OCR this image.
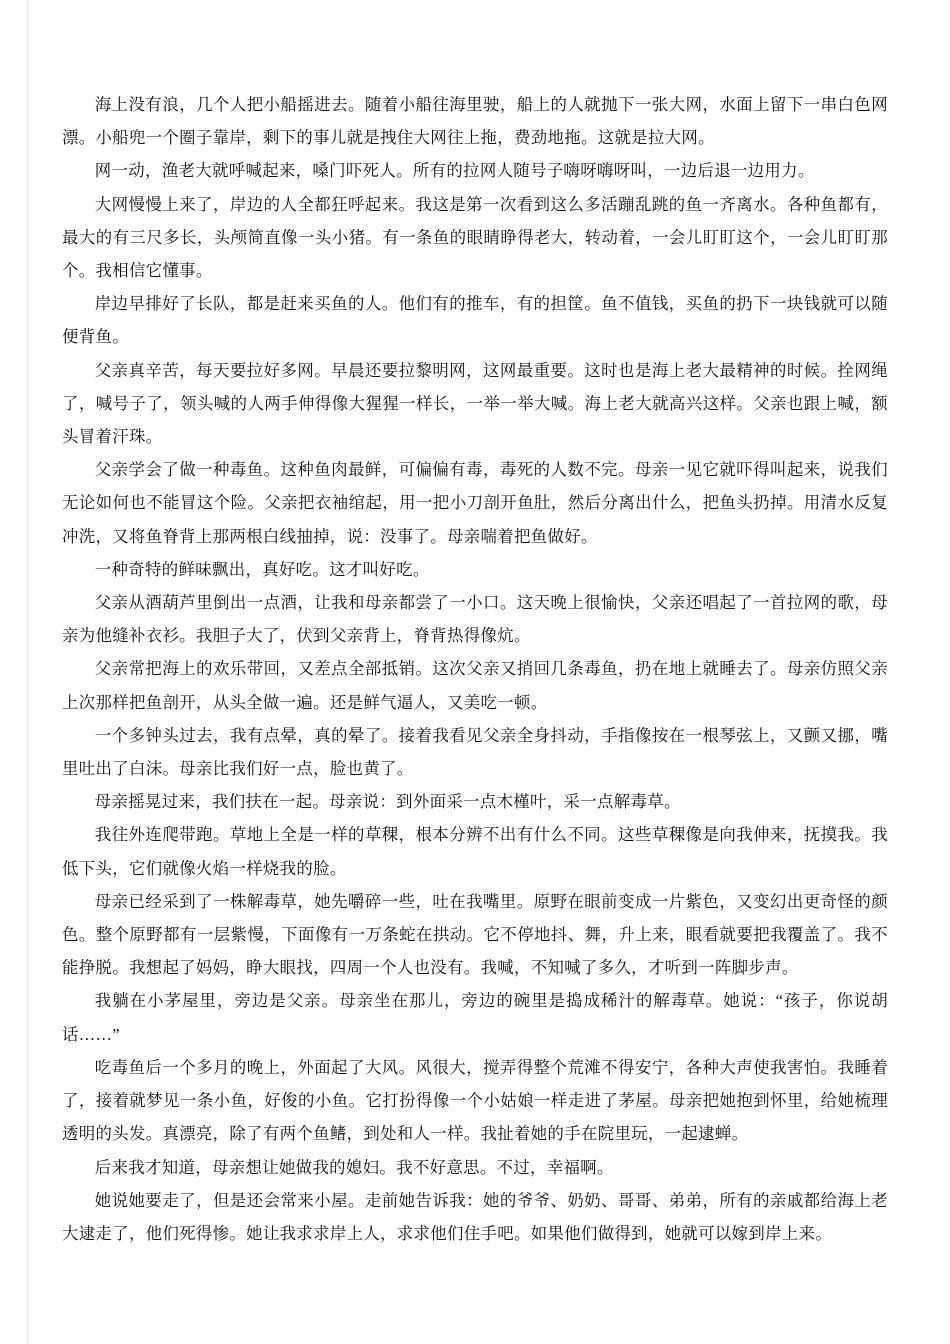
海上没有浪，几个人把小船摇进去。随着小船往海里驶，船上的人就抛下一张大网，水面上留下一串白色网漂。小船兜一个圈子靠岸，剩下的事儿就是拽住大网往上拖，费劲地拖。这就是拉大网。

网一动，渔老大就呼喊起来，嗓门吓死人。所有的拉网人随号子嗨呀嗨呀叫，一边后退一边用力。

大网慢慢上来了，岸边的人全都狂呼起来。我这是第一次看到这么多活蹦乱跳的鱼一齐离水。各种鱼都有，最大的有三尺多长，头颅简直像一头小猪。有一条鱼的眼睛睁得老大，转动着，一会儿盯盯这个，一会儿盯盯那个。我相信它懂事。

岸边早排好了长队，都是赶来买鱼的人。他们有的推车，有的担筐。鱼不值钱，买鱼的扔下一块钱就可以随便背鱼。

父亲真辛苦，每天要拉好多网。早晨还要拉黎明网，这网最重要。这时也是海上老大最精神的时候。拴网绳了，喊号子了，领头喊的人两手伸得像大猩猩一样长，一举一举大喊。海上老大就高兴这样。父亲也跟上喊，额头冒着汗珠。

父亲学会了做一种毒鱼。这种鱼肉最鲜，可偏偏有毒，毒死的人数不完。母亲一见它就吓得叫起来，说我们无论如何也不能冒这个险。父亲把衣袖绾起，用一把小刀剖开鱼肚，然后分离出什么，把鱼头扔掉。用清水反复冲洗，又将鱼脊背上那两根白线抽掉，说：没事了。母亲喘着把鱼做好。

一种奇特的鲜味飘出，真好吃。这才叫好吃。

父亲从酒葫芦里倒出一点酒，让我和母亲都尝了一小口。这天晚上很愉快，父亲还唱起了一首拉网的歌，母亲为他缝补衣衫。我胆子大了，伏到父亲背上，脊背热得像炕。

父亲常把海上的欢乐带回，又差点全部抵销。这次父亲又捎回几条毒鱼，扔在地上就睡去了。母亲仿照父亲上次那样把鱼剖开，从头全做一遍。还是鲜气逼人，又美吃一顿。

一个多钟头过去，我有点晕，真的晕了。接着我看见父亲全身抖动，手指像按在一根琴弦上，又颤又挪，嘴里吐出了白沫。母亲比我们好一点，脸也黄了。

母亲摇晃过来，我们扶在一起。母亲说：到外面采一点木槿叶，采一点解毒草。

我往外连爬带跑。草地上全是一样的草稞，根本分辨不出有什么不同。这些草稞像是向我伸来，抚摸我。我低下头，它们就像火焰一样烧我的脸。

母亲已经采到了一株解毒草，她先嚼碎一些，吐在我嘴里。原野在眼前变成一片紫色，又变幻出更奇怪的颜色。整个原野都有一层紫慢，下面像有一万条蛇在拱动。它不停地抖、舞，升上来，眼看就要把我覆盖了。我不能挣脱。我想起了妈妈，睁大眼找，四周一个人也没有。我喊，不知喊了多久，才听到一阵脚步声。

我躺在小茅屋里，旁边是父亲。母亲坐在那儿，旁边的碗里是捣成稀汁的解毒草。她说：“孩子，你说胡话……”

吃毒鱼后一个多月的晚上，外面起了大风。风很大，搅弄得整个荒滩不得安宁，各种大声使我害怕。我睡着了，接着就梦见一条小鱼，好俊的小鱼。它打扮得像一个小姑娘一样走进了茅屋。母亲把她抱到怀里，给她梳理透明的头发。真漂亮，除了有两个鱼鳍，到处和人一样。我扯着她的手在院里玩，一起逮蝉。

后来我才知道，母亲想让她做我的媳妇。我不好意思。不过，幸福啊。

她说她要走了，但是还会常来小屋。走前她告诉我：她的爷爷、奶奶、哥哥、弟弟，所有的亲戚都给海上老大逮走了，他们死得惨。她让我求求岸上人，求求他们住手吧。如果他们做得到，她就可以嫁到岸上来。
